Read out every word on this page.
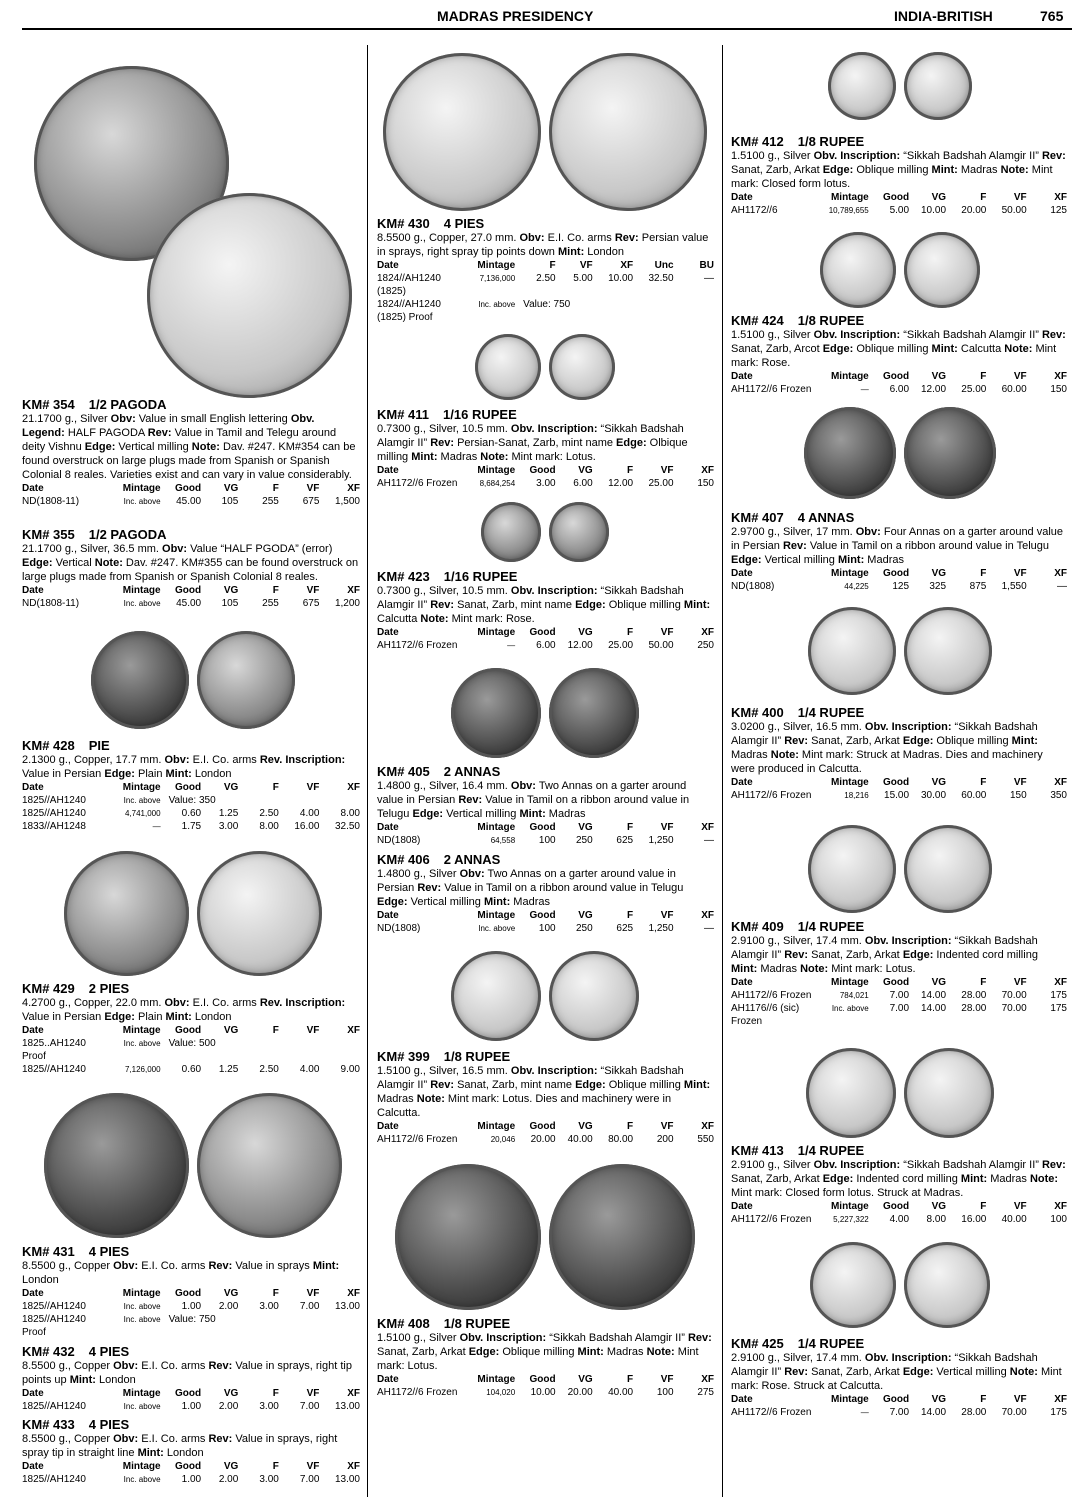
MADRAS PRESIDENCY	INDIA-BRITISH	765
KM# 354 1/2 PAGODA
21.1700 g., Silver Obv: Value in small English lettering Obv. Legend: HALF PAGODA Rev: Value in Tamil and Telegu around deity Vishnu Edge: Vertical milling Note: Dav. #247. KM#354 can be found overstruck on large plugs made from Spanish or Spanish Colonial 8 reales. Varieties exist and can vary in value considerably.
Date	Mintage	Good	VG	F	VF	XF
ND(1808-11)	Inc. above	45.00	105	255	675	1,500
KM# 355 1/2 PAGODA
21.1700 g., Silver, 36.5 mm. Obv: Value “HALF PGODA” (error) Edge: Vertical Note: Dav. #247. KM#355 can be found overstruck on large plugs made from Spanish or Spanish Colonial 8 reales.
Date	Mintage	Good	VG	F	VF	XF
ND(1808-11)	Inc. above	45.00	105	255	675	1,200
KM# 428 PIE
2.1300 g., Copper, 17.7 mm. Obv: E.I. Co. arms Rev. Inscription: Value in Persian Edge: Plain Mint: London
Date	Mintage	Good	VG	F	VF	XF
1825//AH1240	Inc. above	Value: 350				
1825//AH1240	4,741,000	0.60	1.25	2.50	4.00	8.00
1833//AH1248	—	1.75	3.00	8.00	16.00	32.50
KM# 429 2 PIES
4.2700 g., Copper, 22.0 mm. Obv: E.I. Co. arms Rev. Inscription: Value in Persian Edge: Plain Mint: London
Date	Mintage	Good	VG	F	VF	XF
1825..AH1240
Proof	Inc. above	Value: 500				
1825//AH1240	7,126,000	0.60	1.25	2.50	4.00	9.00
KM# 431 4 PIES
8.5500 g., Copper Obv: E.I. Co. arms Rev: Value in sprays Mint: London
Date	Mintage	Good	VG	F	VF	XF
1825//AH1240	Inc. above	1.00	2.00	3.00	7.00	13.00
1825//AH1240
Proof	Inc. above	Value: 750				
KM# 432 4 PIES
8.5500 g., Copper Obv: E.I. Co. arms Rev: Value in sprays, right tip points up Mint: London
Date	Mintage	Good	VG	F	VF	XF
1825//AH1240	Inc. above	1.00	2.00	3.00	7.00	13.00
KM# 433 4 PIES
8.5500 g., Copper Obv: E.I. Co. arms Rev: Value in sprays, right spray tip in straight line Mint: London
Date	Mintage	Good	VG	F	VF	XF
1825//AH1240	Inc. above	1.00	2.00	3.00	7.00	13.00
KM# 430 4 PIES
8.5500 g., Copper, 27.0 mm. Obv: E.I. Co. arms Rev: Persian value in sprays, right spray tip points down Mint: London
Date	Mintage	F	VF	XF	Unc	BU
1824//AH1240
(1825)	7,136,000	2.50	5.00	10.00	32.50	—
1824//AH1240
(1825) Proof	Inc. above	Value: 750				
KM# 411 1/16 RUPEE
0.7300 g., Silver, 10.5 mm. Obv. Inscription: “Sikkah Badshah Alamgir II” Rev: Persian-Sanat, Zarb, mint name Edge: Olbique milling Mint: Madras Note: Mint mark: Lotus.
Date	Mintage	Good	VG	F	VF	XF
AH1172//6 Frozen	8,684,254	3.00	6.00	12.00	25.00	150
KM# 423 1/16 RUPEE
0.7300 g., Silver, 10.5 mm. Obv. Inscription: “Sikkah Badshah Alamgir II” Rev: Sanat, Zarb, mint name Edge: Oblique milling Mint: Calcutta Note: Mint mark: Rose.
Date	Mintage	Good	VG	F	VF	XF
AH1172//6 Frozen	—	6.00	12.00	25.00	50.00	250
KM# 405 2 ANNAS
1.4800 g., Silver, 16.4 mm. Obv: Two Annas on a garter around value in Persian Rev: Value in Tamil on a ribbon around value in Telugu Edge: Vertical milling Mint: Madras
Date	Mintage	Good	VG	F	VF	XF
ND(1808)	64,558	100	250	625	1,250	—
KM# 406 2 ANNAS
1.4800 g., Silver Obv: Two Annas on a garter around value in Persian Rev: Value in Tamil on a ribbon around value in Telugu Edge: Vertical milling Mint: Madras
Date	Mintage	Good	VG	F	VF	XF
ND(1808)	Inc. above	100	250	625	1,250	—
KM# 399 1/8 RUPEE
1.5100 g., Silver, 16.5 mm. Obv. Inscription: “Sikkah Badshah Alamgir II” Rev: Sanat, Zarb, mint name Edge: Oblique milling Mint: Madras Note: Mint mark: Lotus. Dies and machinery were in Calcutta.
Date	Mintage	Good	VG	F	VF	XF
AH1172//6 Frozen	20,046	20.00	40.00	80.00	200	550
KM# 408 1/8 RUPEE
1.5100 g., Silver Obv. Inscription: “Sikkah Badshah Alamgir II” Rev: Sanat, Zarb, Arkat Edge: Oblique milling Mint: Madras Note: Mint mark: Lotus.
Date	Mintage	Good	VG	F	VF	XF
AH1172//6 Frozen	104,020	10.00	20.00	40.00	100	275
KM# 412 1/8 RUPEE
1.5100 g., Silver Obv. Inscription: “Sikkah Badshah Alamgir II” Rev: Sanat, Zarb, Arkat Edge: Oblique milling Mint: Madras Note: Mint mark: Closed form lotus.
Date	Mintage	Good	VG	F	VF	XF
AH1172//6	10,789,655	5.00	10.00	20.00	50.00	125
KM# 424 1/8 RUPEE
1.5100 g., Silver Obv. Inscription: “Sikkah Badshah Alamgir II” Rev: Sanat, Zarb, Arcot Edge: Oblique milling Mint: Calcutta Note: Mint mark: Rose.
Date	Mintage	Good	VG	F	VF	XF
AH1172//6 Frozen	—	6.00	12.00	25.00	60.00	150
KM# 407 4 ANNAS
2.9700 g., Silver, 17 mm. Obv: Four Annas on a garter around value in Persian Rev: Value in Tamil on a ribbon around value in Telugu Edge: Vertical milling Mint: Madras
Date	Mintage	Good	VG	F	VF	XF
ND(1808)	44,225	125	325	875	1,550	—
KM# 400 1/4 RUPEE
3.0200 g., Silver, 16.5 mm. Obv. Inscription: “Sikkah Badshah Alamgir II” Rev: Sanat, Zarb, Arkat Edge: Oblique milling Mint: Madras Note: Mint mark: Struck at Madras. Dies and machinery were produced in Calcutta.
Date	Mintage	Good	VG	F	VF	XF
AH1172//6 Frozen	18,216	15.00	30.00	60.00	150	350
KM# 409 1/4 RUPEE
2.9100 g., Silver, 17.4 mm. Obv. Inscription: “Sikkah Badshah Alamgir II” Rev: Sanat, Zarb, Arkat Edge: Indented cord milling Mint: Madras Note: Mint mark: Lotus.
Date	Mintage	Good	VG	F	VF	XF
AH1172//6 Frozen	784,021	7.00	14.00	28.00	70.00	175
AH1176//6 (sic)
Frozen	Inc. above	7.00	14.00	28.00	70.00	175
KM# 413 1/4 RUPEE
2.9100 g., Silver Obv. Inscription: “Sikkah Badshah Alamgir II” Rev: Sanat, Zarb, Arkat Edge: Indented cord milling Mint: Madras Note: Mint mark: Closed form lotus. Struck at Madras.
Date	Mintage	Good	VG	F	VF	XF
AH1172//6 Frozen	5,227,322	4.00	8.00	16.00	40.00	100
KM# 425 1/4 RUPEE
2.9100 g., Silver, 17.4 mm. Obv. Inscription: “Sikkah Badshah Alamgir II” Rev: Sanat, Zarb, Arkat Edge: Vertical milling Note: Mint mark: Rose. Struck at Calcutta.
Date	Mintage	Good	VG	F	VF	XF
AH1172//6 Frozen	—	7.00	14.00	28.00	70.00	175
